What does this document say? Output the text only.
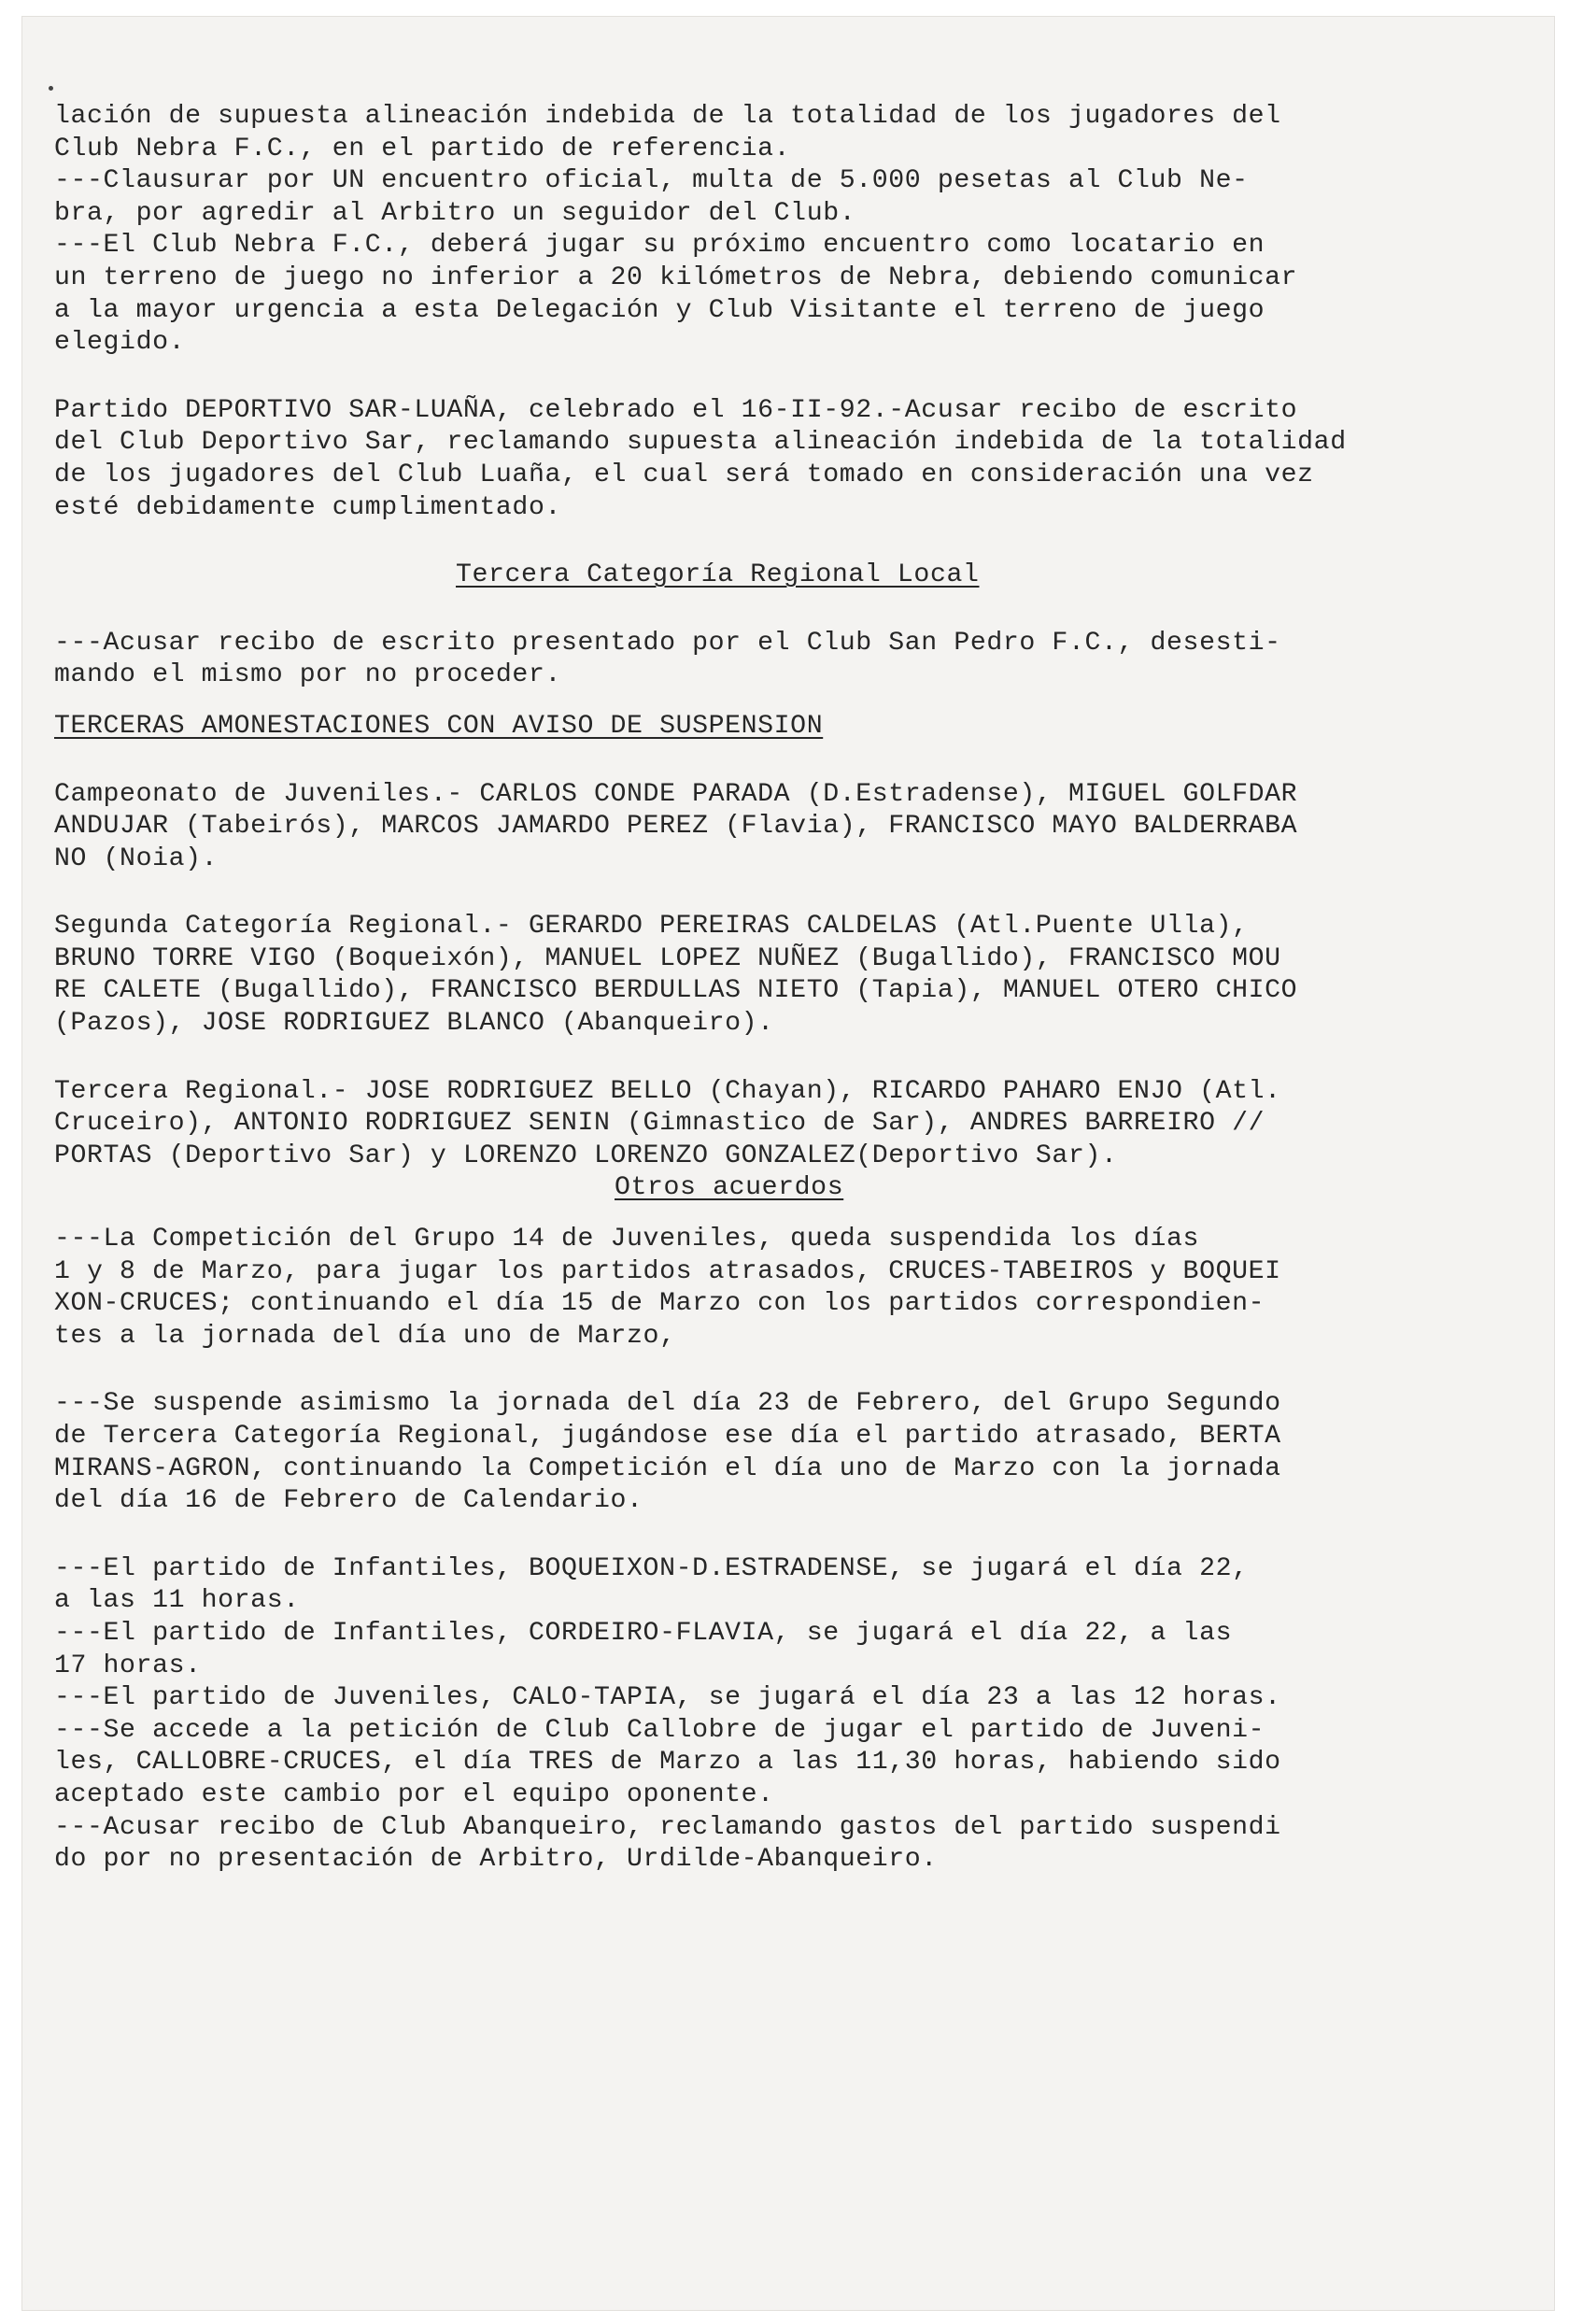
lación de supuesta alineación indebida de la totalidad de los jugadores del
Club Nebra F.C., en el partido de referencia.
---Clausurar por UN encuentro oficial, multa de 5.000 pesetas al Club Ne-
bra, por agredir al Arbitro un seguidor del Club.
---El Club Nebra F.C., deberá jugar su próximo encuentro como locatario en
un terreno de juego no inferior a 20 kilómetros de Nebra, debiendo comunicar
a la mayor urgencia a esta Delegación y Club Visitante el terreno de juego
elegido.
Partido DEPORTIVO SAR-LUAÑA, celebrado el 16-II-92.-Acusar recibo de escrito
del Club Deportivo Sar, reclamando supuesta alineación indebida de la totalidad
de los jugadores del Club Luaña, el cual será tomado en consideración una vez
esté debidamente cumplimentado.
Tercera Categoría Regional Local
---Acusar recibo de escrito presentado por el Club San Pedro F.C., desesti-
mando el mismo por no proceder.
TERCERAS AMONESTACIONES CON AVISO DE SUSPENSION
Campeonato de Juveniles.- CARLOS CONDE PARADA (D.Estradense), MIGUEL GOLFDAR
ANDUJAR (Tabeirós), MARCOS JAMARDO PEREZ (Flavia), FRANCISCO MAYO BALDERRABA
NO (Noia).
Segunda Categoría Regional.- GERARDO PEREIRAS CALDELAS (Atl.Puente Ulla),
BRUNO TORRE VIGO (Boqueixón), MANUEL LOPEZ NUÑEZ (Bugallido), FRANCISCO MOU
RE CALETE (Bugallido), FRANCISCO BERDULLAS NIETO (Tapia), MANUEL OTERO CHICO
(Pazos), JOSE RODRIGUEZ BLANCO (Abanqueiro).
Tercera Regional.- JOSE RODRIGUEZ BELLO (Chayan), RICARDO PAHARO ENJO (Atl.
Cruceiro), ANTONIO RODRIGUEZ SENIN (Gimnastico de Sar), ANDRES BARREIRO //
PORTAS (Deportivo Sar) y LORENZO LORENZO GONZALEZ(Deportivo Sar).
Otros acuerdos
---La Competición del Grupo 14 de Juveniles, queda suspendida los días
1 y 8 de Marzo, para jugar los partidos atrasados, CRUCES-TABEIROS y BOQUEI
XON-CRUCES; continuando el día 15 de Marzo con los partidos correspondien-
tes a la jornada del día uno de Marzo,
---Se suspende asimismo la jornada del día 23 de Febrero, del Grupo Segundo
de Tercera Categoría Regional, jugándose ese día el partido atrasado, BERTA
MIRANS-AGRON, continuando la Competición el día uno de Marzo con la jornada
del día 16 de Febrero de Calendario.
---El partido de Infantiles, BOQUEIXON-D.ESTRADENSE, se jugará el día 22,
a las 11 horas.
---El partido de Infantiles, CORDEIRO-FLAVIA, se jugará el día 22, a las
17 horas.
---El partido de Juveniles, CALO-TAPIA, se jugará el día 23 a las 12 horas.
---Se accede a la petición de Club Callobre de jugar el partido de Juveni-
les, CALLOBRE-CRUCES, el día TRES de Marzo a las 11,30 horas, habiendo sido
aceptado este cambio por el equipo oponente.
---Acusar recibo de Club Abanqueiro, reclamando gastos del partido suspendi
do por no presentación de Arbitro, Urdilde-Abanqueiro.
